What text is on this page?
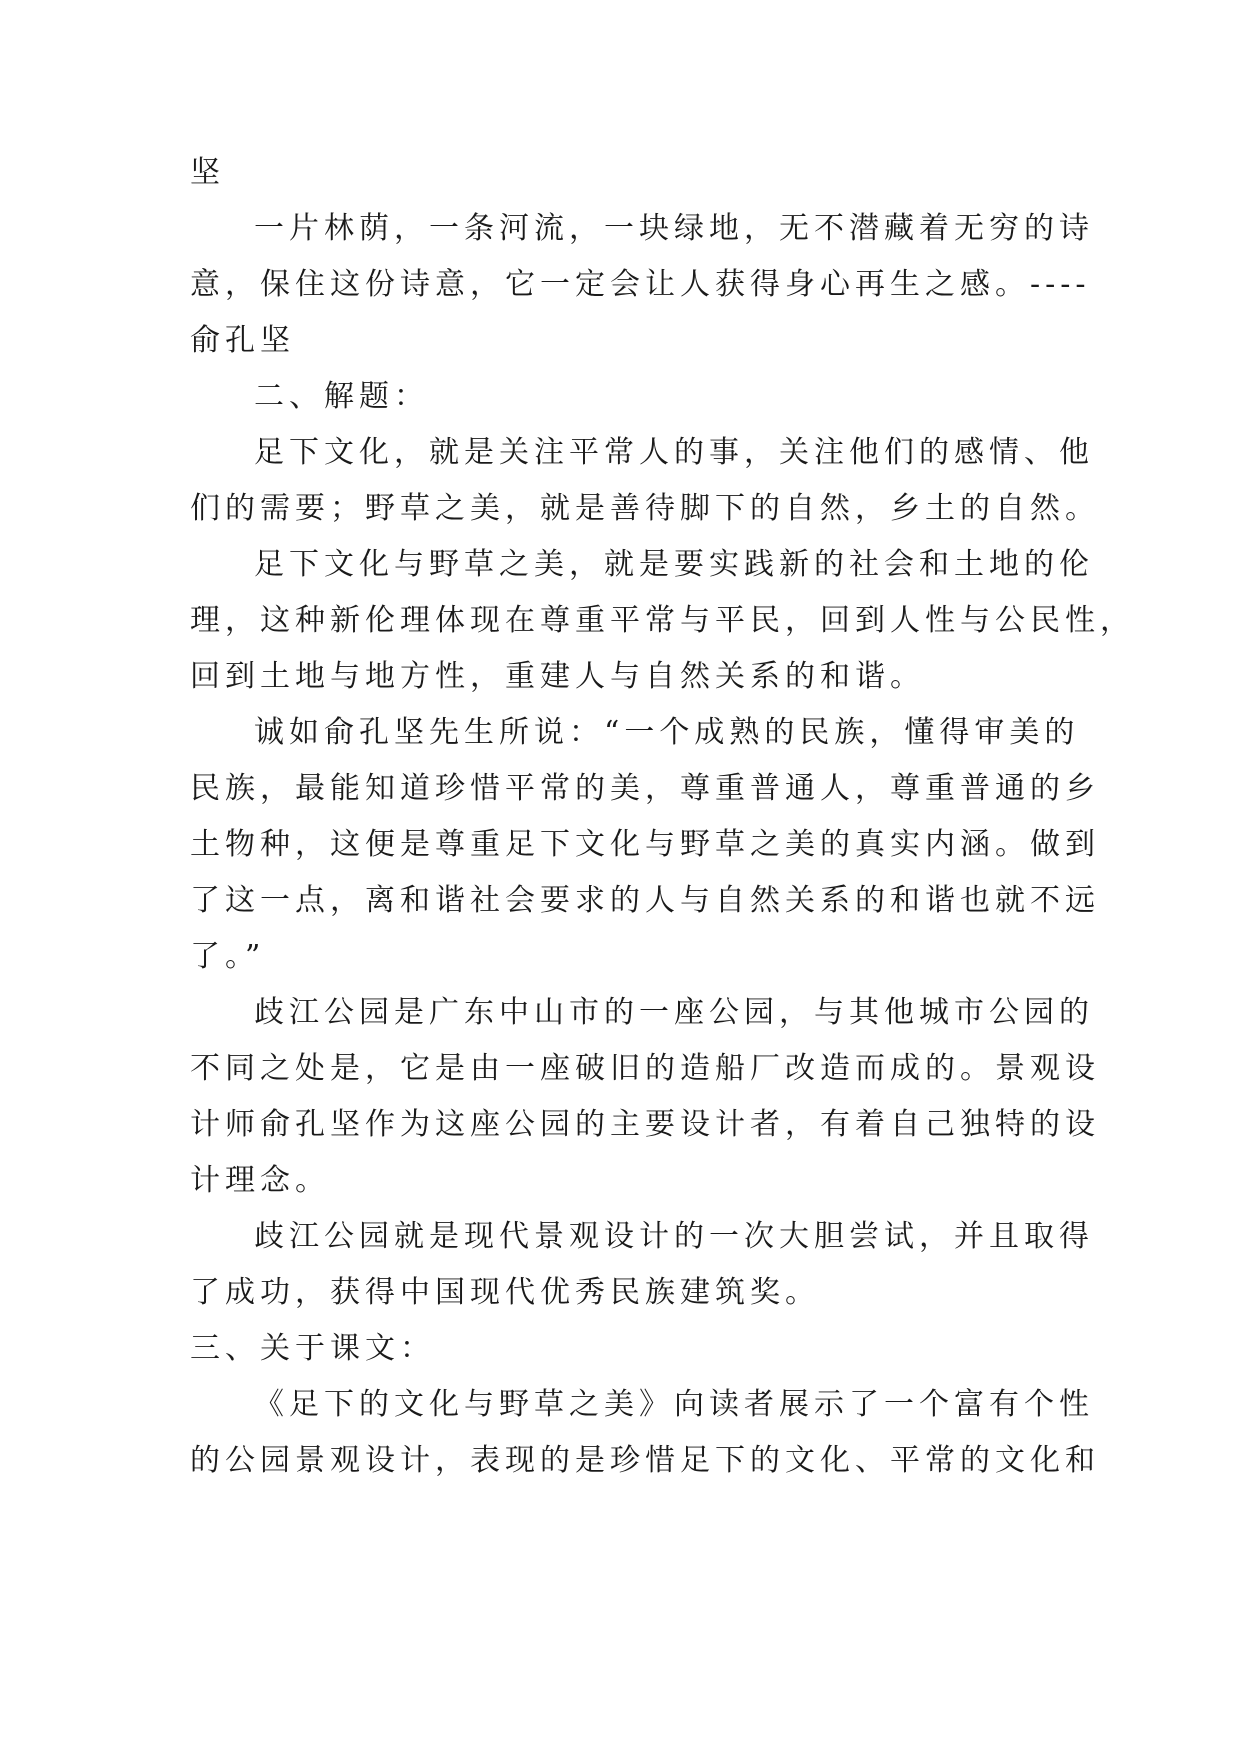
坚
一片林荫，一条河流，一块绿地，无不潜藏着无穷的诗
意，保住这份诗意，它一定会让人获得身心再生之感。----
俞孔坚
二、解题：
足下文化，就是关注平常人的事，关注他们的感情、他
们的需要；野草之美，就是善待脚下的自然，乡土的自然。
足下文化与野草之美，就是要实践新的社会和土地的伦
理，这种新伦理体现在尊重平常与平民，回到人性与公民性，
回到土地与地方性，重建人与自然关系的和谐。
诚如俞孔坚先生所说：“一个成熟的民族，懂得审美的
民族，最能知道珍惜平常的美，尊重普通人，尊重普通的乡
土物种，这便是尊重足下文化与野草之美的真实内涵。做到
了这一点，离和谐社会要求的人与自然关系的和谐也就不远
了。”
歧江公园是广东中山市的一座公园，与其他城市公园的
不同之处是，它是由一座破旧的造船厂改造而成的。景观设
计师俞孔坚作为这座公园的主要设计者，有着自己独特的设
计理念。
歧江公园就是现代景观设计的一次大胆尝试，并且取得
了成功，获得中国现代优秀民族建筑奖。
三、关于课文：
《足下的文化与野草之美》向读者展示了一个富有个性
的公园景观设计，表现的是珍惜足下的文化、平常的文化和
